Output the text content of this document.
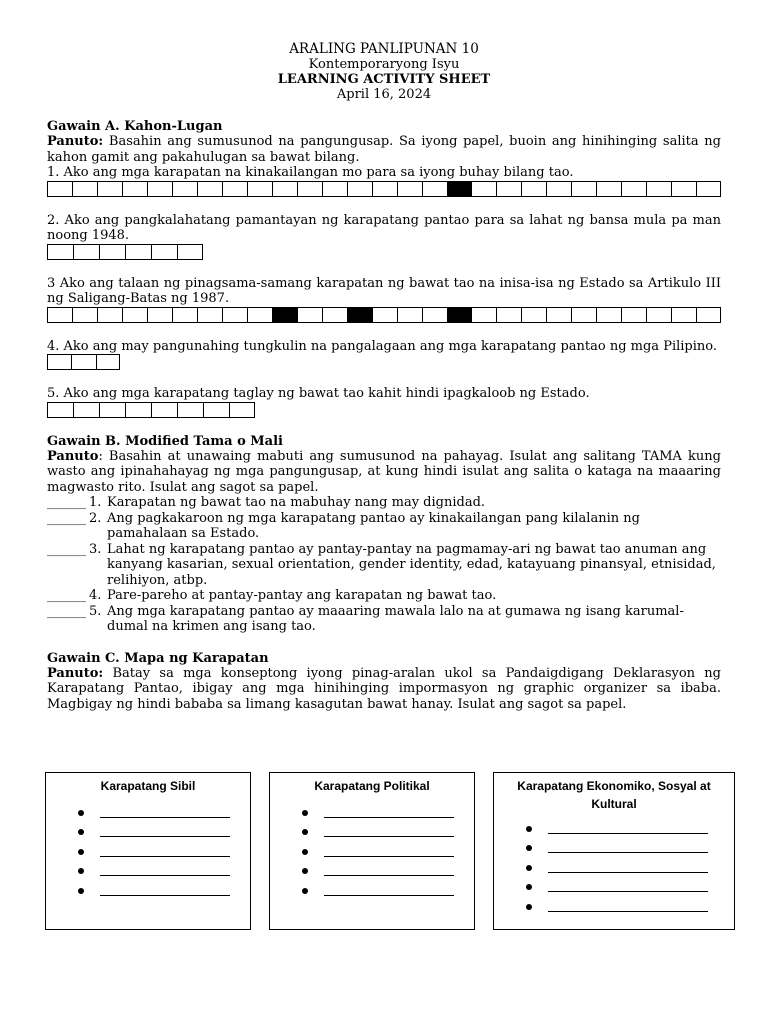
ARALING PANLIPUNAN 10
Kontemporaryong Isyu
LEARNING ACTIVITY SHEET
April 16, 2024
Gawain A. Kahon-Lugan
Panuto: Basahin ang sumusunod na pangungusap. Sa iyong papel, buoin ang hinihinging salita ng kahon gamit ang pakahulugan sa bawat bilang.
1. Ako ang mga karapatan na kinakailangan mo para sa iyong buhay bilang tao.
2. Ako ang pangkalahatang pamantayan ng karapatang pantao para sa lahat ng bansa mula pa man noong 1948.
3 Ako ang talaan ng pinagsama-samang karapatan ng bawat tao na inisa-isa ng Estado sa Artikulo III ng Saligang-Batas ng 1987.
4. Ako ang may pangunahing tungkulin na pangalagaan ang mga karapatang pantao ng mga Pilipino.
5. Ako ang mga karapatang taglay ng bawat tao kahit hindi ipagkaloob ng Estado.
Gawain B. Modified Tama o Mali
Panuto: Basahin at unawaing mabuti ang sumusunod na pahayag. Isulat ang salitang TAMA kung wasto ang ipinahahayag ng mga pangungusap, at kung hindi isulat ang salita o kataga na maaaring magwasto rito. Isulat ang sagot sa papel.
______ 1. Karapatan ng bawat tao na mabuhay nang may dignidad.
______ 2. Ang pagkakaroon ng mga karapatang pantao ay kinakailangan pang kilalanin ng pamahalaan sa Estado.
______ 3. Lahat ng karapatang pantao ay pantay-pantay na pagmamay-ari ng bawat tao anuman ang kanyang kasarian, sexual orientation, gender identity, edad, katayuang pinansyal, etnisidad, relihiyon, atbp.
______ 4. Pare-pareho at pantay-pantay ang karapatan ng bawat tao.
______ 5. Ang mga karapatang pantao ay maaaring mawala lalo na at gumawa ng isang karumal-dumal na krimen ang isang tao.
Gawain C. Mapa ng Karapatan
Panuto: Batay sa mga konseptong iyong pinag-aralan ukol sa Pandaigdigang Deklarasyon ng Karapatang Pantao, ibigay ang mga hinihinging impormasyon ng graphic organizer sa ibaba. Magbigay ng hindi bababa sa limang kasagutan bawat hanay. Isulat ang sagot sa papel.
Karapatang Sibil	Karapatang Politikal	Karapatang Ekonomiko, Sosyal at Kultural
